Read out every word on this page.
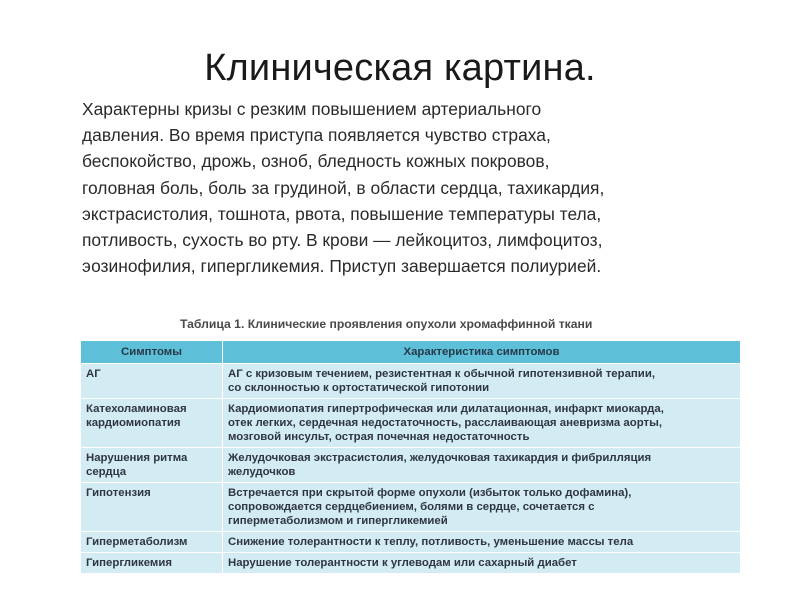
Клиническая картина.
Характерны кризы с резким повышением артериального
давления. Во время приступа появляется чувство страха,
беспокойство, дрожь, озноб, бледность кожных покровов,
головная боль, боль за грудиной, в области сердца, тахикардия,
экстрасистолия, тошнота, рвота, повышение температуры тела,
потливость, сухость во рту. В крови — лейкоцитоз, лимфоцитоз,
эозинофилия, гипергликемия. Приступ завершается полиурией.
Таблица 1. Клинические проявления опухоли хромаффинной ткани
Симптомы	Характеристика симптомов
АГ	АГ с кризовым течением, резистентная к обычной гипотензивной терапии,
со склонностью к ортостатической гипотонии
Катехоламиновая
кардиомиопатия	Кардиомиопатия гипертрофическая или дилатационная, инфаркт миокарда,
отек легких, сердечная недостаточность, расслаивающая аневризма аорты,
мозговой инсульт, острая почечная недостаточность
Нарушения ритма
сердца	Желудочковая экстрасистолия, желудочковая тахикардия и фибрилляция
желудочков
Гипотензия	Встречается при скрытой форме опухоли (избыток только дофамина),
сопровождается сердцебиением, болями в сердце, сочетается с
гиперметаболизмом и гипергликемией
Гиперметаболизм	Снижение толерантности к теплу, потливость, уменьшение массы тела
Гипергликемия	Нарушение толерантности к углеводам или сахарный диабет
